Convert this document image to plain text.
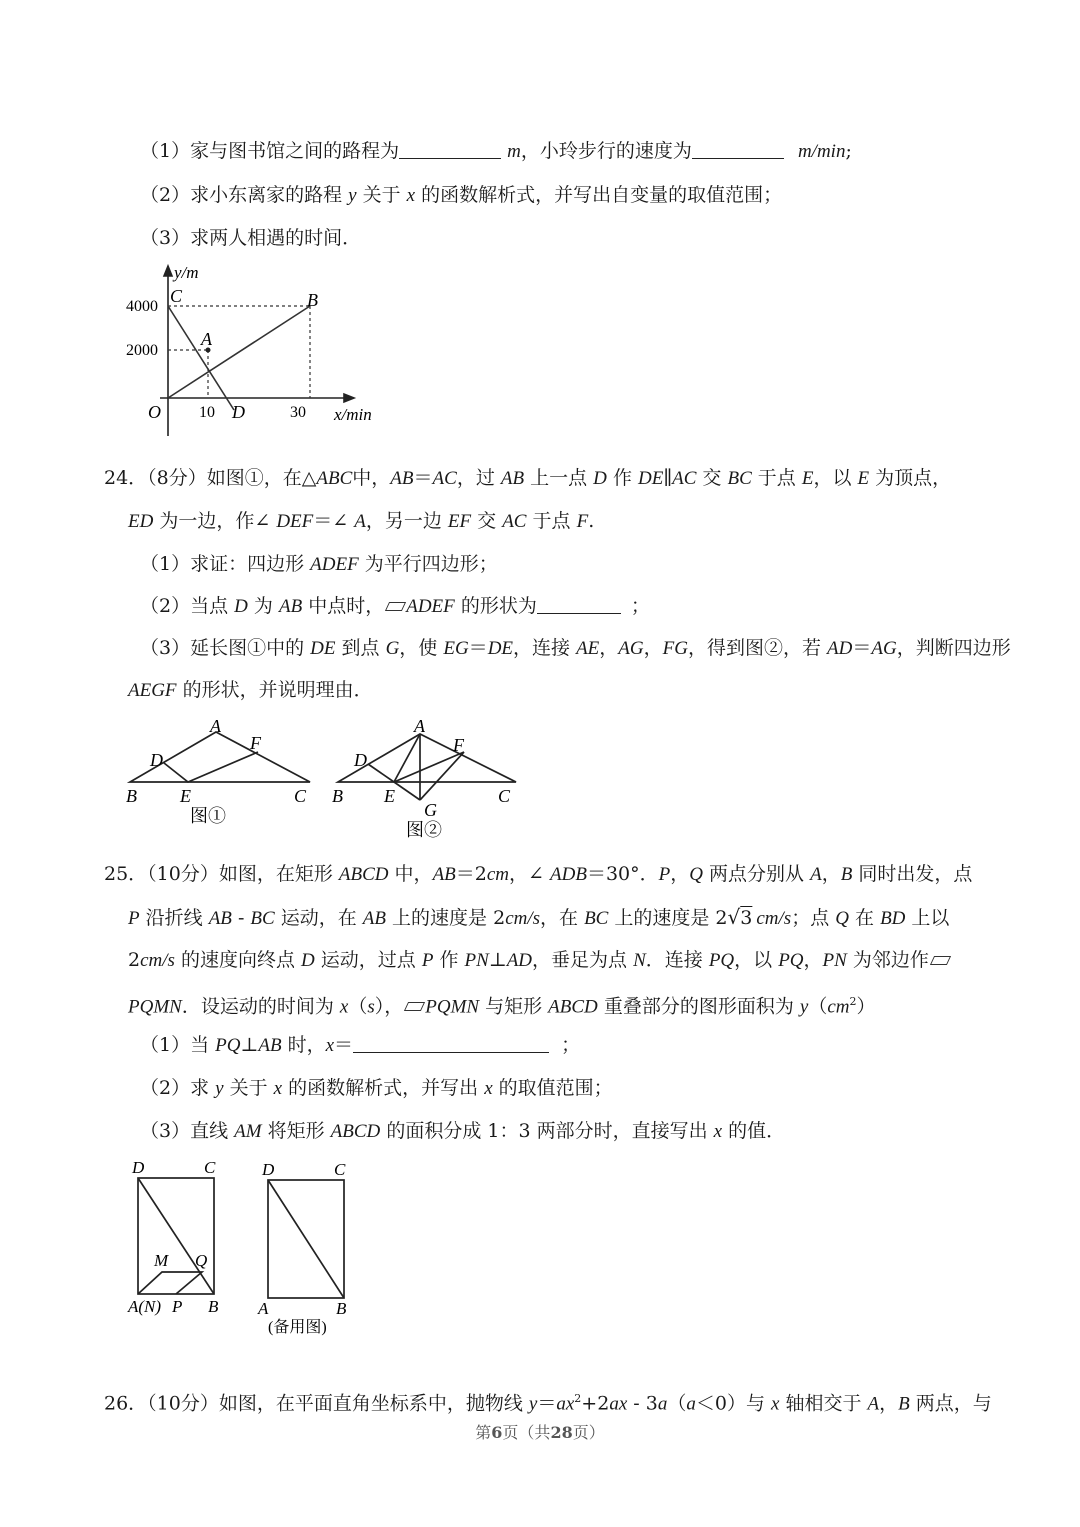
（1）家与图书馆之间的路程为	m，小玲步行的速度为	m/min;
（2）求小东离家的路程 y 关于 x 的函数解析式，并写出自变量的取值范围；
（3）求两人相遇的时间．
y/m
x/min
O
4000
2000
10	30
C	B
A
D
24．（8分）如图①，在△ABC中，AB＝AC，过 AB 上一点 D 作 DE∥AC 交 BC 于点 E，以 E 为顶点，
ED 为一边，作∠ DEF＝∠ A，另一边 EF 交 AC 于点 F.
（1）求证：四边形 ADEF 为平行四边形；
（2）当点 D 为 AB 中点时， ADEF 的形状为	；
（3）延长图①中的 DE 到点 G，使 EG＝DE，连接 AE，AG，FG，得到图②，若 AD＝AG，判断四边形
AEGF 的形状，并说明理由．
A
D
F
B E	C
图①
A
D
F
B E
G
C
图②
25．（10分）如图，在矩形 ABCD 中，AB＝2cm，∠ ADB＝30°．P，Q 两点分别从 A，B 同时出发，点
P 沿折线 AB - BC 运动，在 AB 上的速度是 2cm/s，在 BC 上的速度是 2√3 cm/s；点 Q 在 BD 上以
2cm/s 的速度向终点 D 运动，过点 P 作 PN⊥AD，垂足为点 N．连接 PQ，以 PQ，PN 为邻边作
PQMN．设运动的时间为 x（s）， PQMN 与矩形 ABCD 重叠部分的图形面积为 $y(cm^2)$
（1）当 PQ⊥AB 时，x＝	；
（2）求 y 关于 x 的函数解析式，并写出 x 的取值范围；
（3）直线 AM 将矩形 ABCD 的面积分成 1：3 两部分时，直接写出 x 的值．
D	C
M Q
A(N) P B
D	C
A	B
(备用图)
26．（10分）如图，在平面直角坐标系中，抛物线 $y=ax^2+2ax - 3a(a<0)$与 x 轴相交于 A，B 两点，与
第6页（共28页）
